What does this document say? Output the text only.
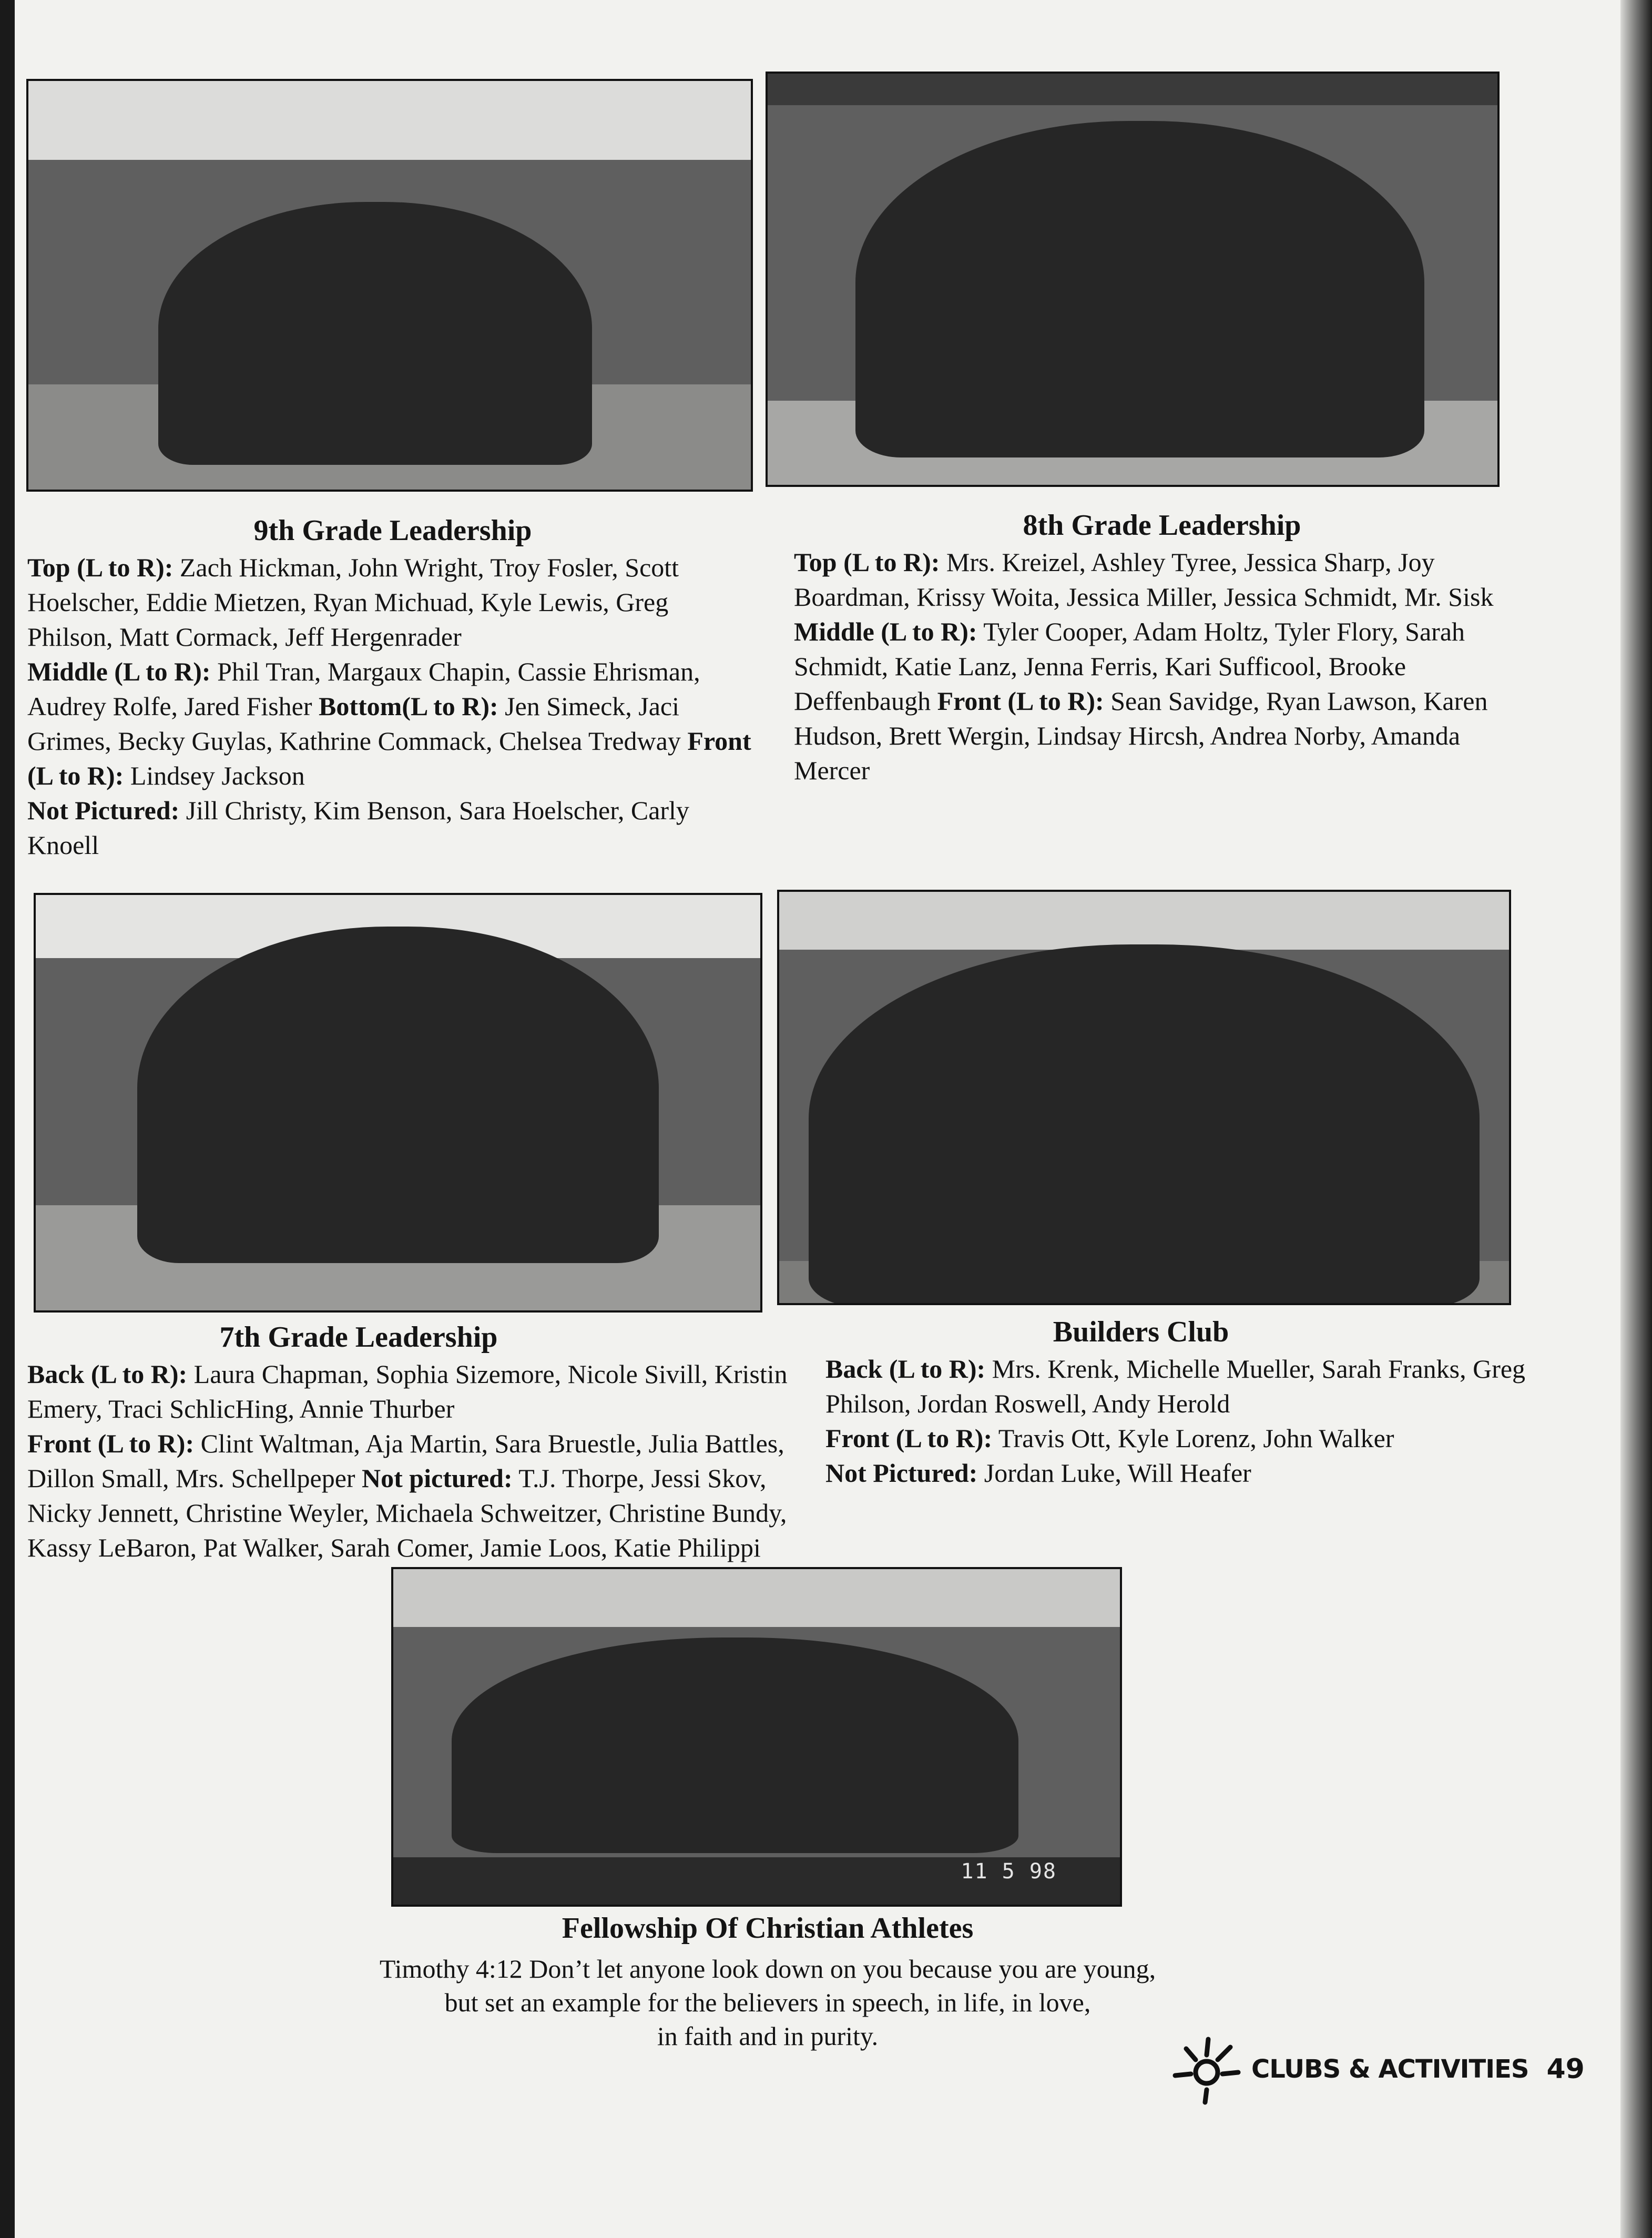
11 5 98
9th Grade Leadership
Top (L to R): Zach Hickman, John Wright, Troy Fosler, Scott Hoelscher, Eddie Mietzen, Ryan Michuad, Kyle Lewis, Greg Philson, Matt Cormack, Jeff Hergenrader
Middle (L to R): Phil Tran, Margaux Chapin, Cassie Ehrisman, Audrey Rolfe, Jared Fisher Bottom(L to R): Jen Simeck, Jaci Grimes, Becky Guylas, Kathrine Commack, Chelsea Tredway Front (L to R): Lindsey Jackson
Not Pictured: Jill Christy, Kim Benson, Sara Hoelscher, Carly Knoell
8th Grade Leadership
Top (L to R): Mrs. Kreizel, Ashley Tyree, Jessica Sharp, Joy Boardman, Krissy Woita, Jessica Miller, Jessica Schmidt, Mr. Sisk Middle (L to R): Tyler Cooper, Adam Holtz, Tyler Flory, Sarah Schmidt, Katie Lanz, Jenna Ferris, Kari Sufficool, Brooke Deffenbaugh Front (L to R): Sean Savidge, Ryan Lawson, Karen Hudson, Brett Wergin, Lindsay Hircsh, Andrea Norby, Amanda Mercer
7th Grade Leadership
Back (L to R): Laura Chapman, Sophia Sizemore, Nicole Sivill, Kristin Emery, Traci SchlicHing, Annie Thurber
Front (L to R): Clint Waltman, Aja Martin, Sara Bruestle, Julia Battles, Dillon Small, Mrs. Schellpeper Not pictured: T.J. Thorpe, Jessi Skov, Nicky Jennett, Christine Weyler, Michaela Schweitzer, Christine Bundy, Kassy LeBaron, Pat Walker, Sarah Comer, Jamie Loos, Katie Philippi
Builders Club
Back (L to R): Mrs. Krenk, Michelle Mueller, Sarah Franks, Greg Philson, Jordan Roswell, Andy Herold
Front (L to R): Travis Ott, Kyle Lorenz, John Walker
Not Pictured: Jordan Luke, Will Heafer
Fellowship Of Christian Athletes
Timothy 4:12 Don’t let anyone look down on you because you are young,
but set an example for the believers in speech, in life, in love,
in faith and in purity.
CLUBS & ACTIVITIES 49
